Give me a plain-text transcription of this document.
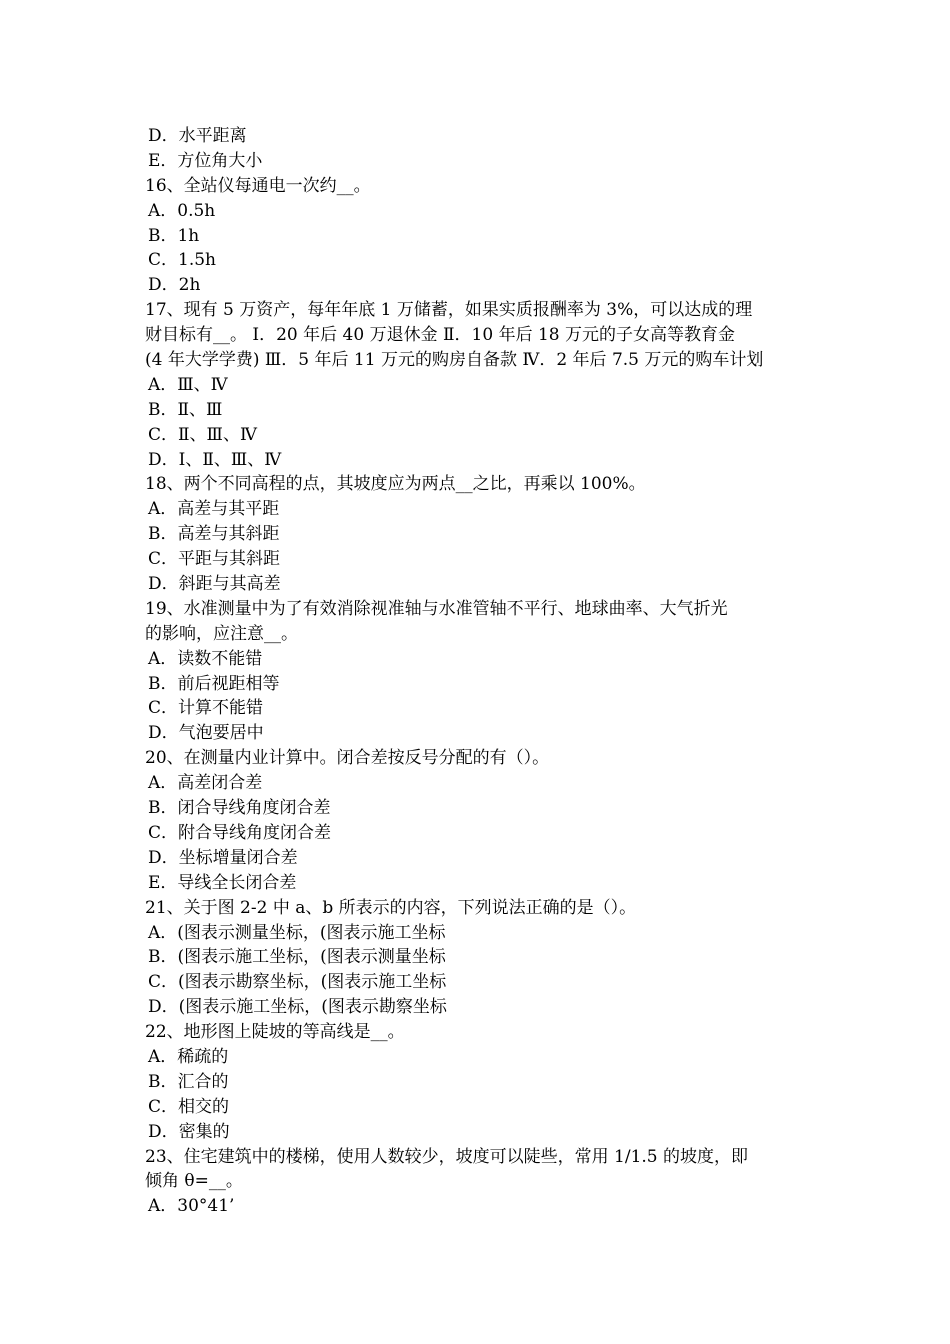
D．水平距离
E．方位角大小
16、全站仪每通电一次约__。
A．0.5h
B．1h
C．1.5h
D．2h
17、现有 5 万资产，每年年底 1 万储蓄，如果实质报酬率为 3%，可以达成的理
财目标有__。 Ⅰ．20 年后 40 万退休金 Ⅱ．10 年后 18 万元的子女高等教育金
(4 年大学学费) Ⅲ．5 年后 11 万元的购房自备款 Ⅳ．2 年后 7.5 万元的购车计划
A．Ⅲ、Ⅳ
B．Ⅱ、Ⅲ
C．Ⅱ、Ⅲ、Ⅳ
D．Ⅰ、Ⅱ、Ⅲ、Ⅳ
18、两个不同高程的点，其坡度应为两点__之比，再乘以 100%。
A．高差与其平距
B．高差与其斜距
C．平距与其斜距
D．斜距与其高差
19、水准测量中为了有效消除视准轴与水准管轴不平行、地球曲率、大气折光
的影响，应注意__。
A．读数不能错
B．前后视距相等
C．计算不能错
D．气泡要居中
20、在测量内业计算中。闭合差按反号分配的有（）。
A．高差闭合差
B．闭合导线角度闭合差
C．附合导线角度闭合差
D．坐标增量闭合差
E．导线全长闭合差
21、关于图 2-2 中 a、b 所表示的内容，下列说法正确的是（）。
A．(图表示测量坐标，(图表示施工坐标
B．(图表示施工坐标，(图表示测量坐标
C．(图表示勘察坐标，(图表示施工坐标
D．(图表示施工坐标，(图表示勘察坐标
22、地形图上陡坡的等高线是__。
A．稀疏的
B．汇合的
C．相交的
D．密集的
23、住宅建筑中的楼梯，使用人数较少，坡度可以陡些，常用 1/1.5 的坡度，即
倾角 θ=__。
A．30°41’
